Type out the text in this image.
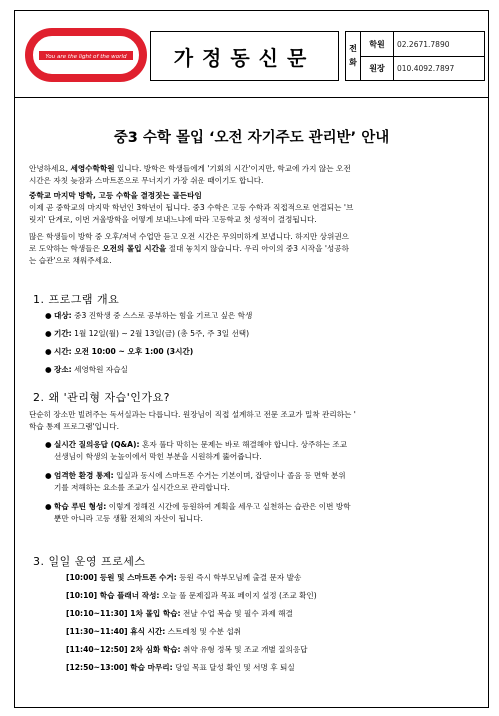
You are the light of the world	가정동신문	전
화
학원	02.2671.7890
원장	010.4092.7897
중3 수학 몰입 ‘오전 자기주도 관리반’ 안내
안녕하세요, 세영수학학원 입니다. 방학은 학생들에게 '기회의 시간'이지만, 학교에 가지 않는 오전
시간은 자칫 늦잠과 스마트폰으로 무너지기 가장 쉬운 때이기도 합니다.
중학교 마지막 방학, 고등 수학을 결정짓는 골든타임
이제 곧 중학교의 마지막 학년인 3학년이 됩니다. 중3 수학은 고등 수학과 직접적으로 연결되는 '브
릿지' 단계로, 이번 겨울방학을 어떻게 보내느냐에 따라 고등학교 첫 성적이 결정됩니다.
많은 학생들이 방학 중 오후/저녁 수업만 듣고 오전 시간은 무의미하게 보냅니다. 하지만 상위권으
로 도약하는 학생들은 오전의 몰입 시간을 절대 놓치지 않습니다. 우리 아이의 중3 시작을 '성공하
는 습관'으로 채워주세요.
1. 프로그램 개요
● 대상: 중3 진학생 중 스스로 공부하는 힘을 기르고 싶은 학생
● 기간: 1월 12일(월) ~ 2월 13일(금) (총 5주, 주 3일 선택)
● 시간: 오전 10:00 ~ 오후 1:00 (3시간)
● 장소: 세영학원 자습실
2. 왜 '관리형 자습'인가요?
단순히 장소만 빌려주는 독서실과는 다릅니다. 원장님이 직접 설계하고 전문 조교가 밀착 관리하는 '
학습 통제 프로그램'입니다.
● 실시간 질의응답 (Q&A): 혼자 풀다 막히는 문제는 바로 해결해야 합니다. 상주하는 조교
선생님이 학생의 눈높이에서 막힌 부분을 시원하게 뚫어줍니다.
● 엄격한 환경 통제: 입실과 동시에 스마트폰 수거는 기본이며, 잡담이나 졸음 등 면학 분위
기를 저해하는 요소를 조교가 실시간으로 관리합니다.
● 학습 루틴 형성: 이렇게 정해진 시간에 등원하여 계획을 세우고 실천하는 습관은 이번 방학
뿐만 아니라 고등 생활 전체의 자산이 됩니다.
3. 일일 운영 프로세스
[10:00] 등원 및 스마트폰 수거: 등원 즉시 학부모님께 출결 문자 발송
[10:10] 학습 플래너 작성: 오늘 풀 문제집과 목표 페이지 설정 (조교 확인)
[10:10~11:30] 1차 몰입 학습: 전날 수업 복습 및 필수 과제 해결
[11:30~11:40] 휴식 시간: 스트레칭 및 수분 섭취
[11:40~12:50] 2차 심화 학습: 취약 유형 정복 및 조교 개별 질의응답
[12:50~13:00] 학습 마무리: 당일 목표 달성 확인 및 서명 후 퇴실
